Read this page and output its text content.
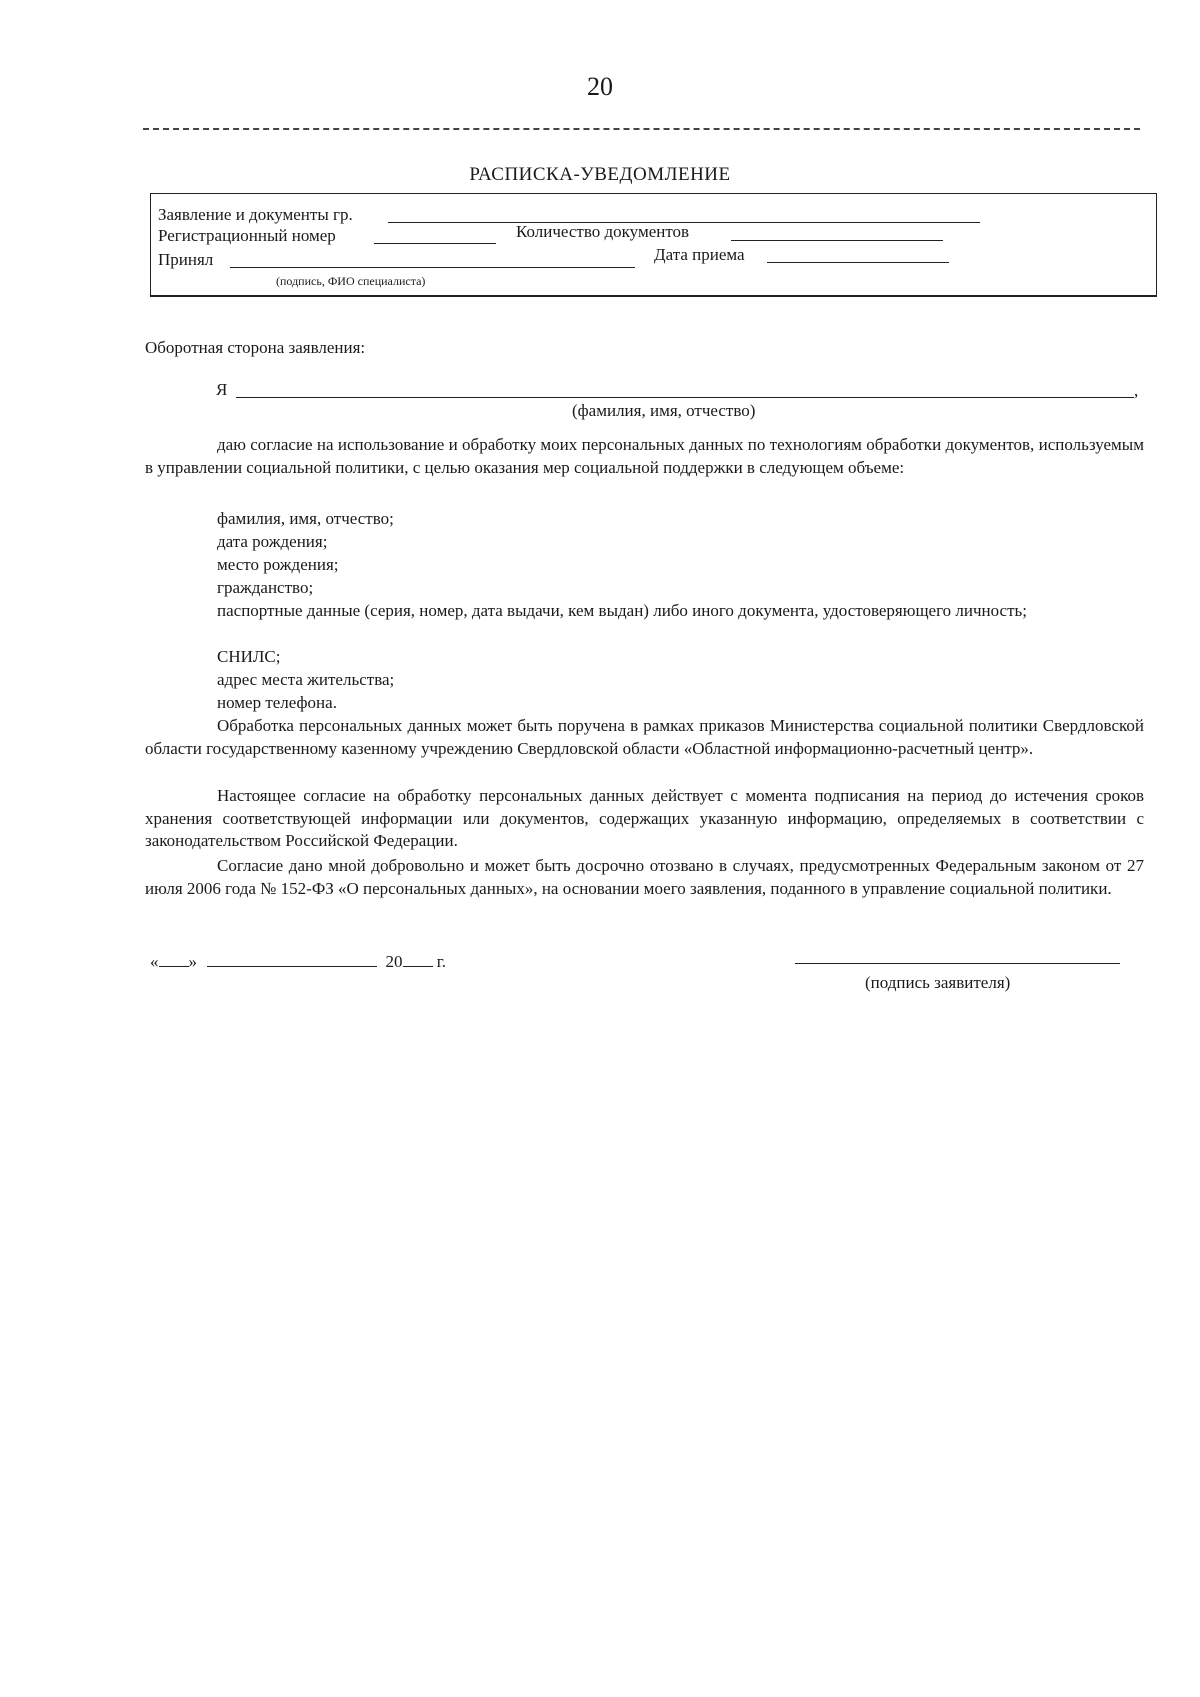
20
РАСПИСКА-УВЕДОМЛЕНИЕ
Заявление и документы гр.
Регистрационный номер	Количество документов
Принял	Дата приема
(подпись, ФИО специалиста)
Оборотная сторона заявления:
Я	,
(фамилия, имя, отчество)
даю согласие на использование и обработку моих персональных данных по технологиям обработки документов, используемым в управлении социальной политики, с целью оказания мер социальной поддержки в следующем объеме:
фамилия, имя, отчество;
дата рождения;
место рождения;
гражданство;
паспортные данные (серия, номер, дата выдачи, кем выдан) либо иного документа, удостоверяющего личность;
СНИЛС;
адрес места жительства;
номер телефона.
Обработка персональных данных может быть поручена в рамках приказов Министерства социальной политики Свердловской области государственному казенному учреждению Свердловской области «Областной информационно-расчетный центр».
Настоящее согласие на обработку персональных данных действует с момента подписания на период до истечения сроков хранения соответствующей информации или документов, содержащих указанную информацию, определяемых в соответствии с законодательством Российской Федерации.
Согласие дано мной добровольно и может быть досрочно отозвано в случаях, предусмотренных Федеральным законом от 27 июля 2006 года № 152-ФЗ «О персональных данных», на основании моего заявления, поданного в управление социальной политики.
« »	20 г.
(подпись заявителя)
